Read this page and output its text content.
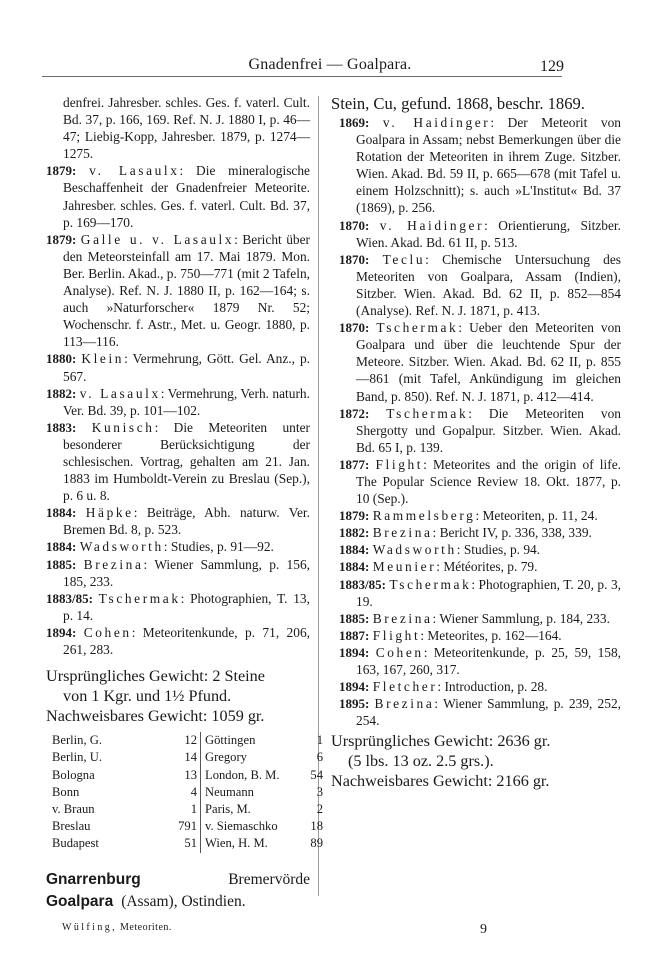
Gnadenfrei — Goalpara.	129

denfrei. Jahresber. schles. Ges. f. vaterl. Cult. Bd. 37, p. 166, 169. Ref. N. J. 1880 I, p. 46—47; Liebig-Kopp, Jahresber. 1879, p. 1274—1275.

1879: v. Lasaulx: Die mineralogische Beschaffenheit der Gnadenfreier Meteorite. Jahresber. schles. Ges. f. vaterl. Cult. Bd. 37, p. 169—170.

1879: Galle u. v. Lasaulx: Bericht über den Meteorsteinfall am 17. Mai 1879. Mon. Ber. Berlin. Akad., p. 750—771 (mit 2 Tafeln, Analyse). Ref. N. J. 1880 II, p. 162—164; s. auch »Naturforscher« 1879 Nr. 52; Wochenschr. f. Astr., Met. u. Geogr. 1880, p. 113—116.

1880: Klein: Vermehrung, Gött. Gel. Anz., p. 567.

1882: v. Lasaulx: Vermehrung, Verh. naturh. Ver. Bd. 39, p. 101—102.

1883: Kunisch: Die Meteoriten unter besonderer Berücksichtigung der schlesischen. Vortrag, gehalten am 21. Jan. 1883 im Humboldt-Verein zu Breslau (Sep.), p. 6 u. 8.

1884: Häpke: Beiträge, Abh. naturw. Ver. Bremen Bd. 8, p. 523.

1884: Wadsworth: Studies, p. 91—92.

1885: Brezina: Wiener Sammlung, p. 156, 185, 233.

1883/85: Tschermak: Photographien, T. 13, p. 14.

1894: Cohen: Meteoritenkunde, p. 71, 206, 261, 283.

Ursprüngliches Gewicht: 2 Steine

von 1 Kgr. und 1½ Pfund.

Nachweisbares Gewicht: 1059 gr.

Berlin, G.	12 Göttingen	1
Berlin, U.	14 Gregory	6
Bologna	13 London, B. M.	54
Bonn	4 Neumann	3
v. Braun	1 Paris, M.	2
Breslau	791 v. Siemaschko	18
Budapest	51 Wien, H. M.	89
Gnarrenburg	Bremervörde
Goalpara (Assam), Ostindien.

Stein, Cu, gefund. 1868, beschr. 1869.

1869: v. Haidinger: Der Meteorit von Goalpara in Assam; nebst Bemerkungen über die Rotation der Meteoriten in ihrem Zuge. Sitzber. Wien. Akad. Bd. 59 II, p. 665—678 (mit Tafel u. einem Holzschnitt); s. auch »L'Institut« Bd. 37 (1869), p. 256.

1870: v. Haidinger: Orientierung, Sitzber. Wien. Akad. Bd. 61 II, p. 513.

1870: Teclu: Chemische Untersuchung des Meteoriten von Goalpara, Assam (Indien), Sitzber. Wien. Akad. Bd. 62 II, p. 852—854 (Analyse). Ref. N. J. 1871, p. 413.

1870: Tschermak: Ueber den Meteoriten von Goalpara und über die leuchtende Spur der Meteore. Sitzber. Wien. Akad. Bd. 62 II, p. 855—861 (mit Tafel, Ankündigung im gleichen Band, p. 850). Ref. N. J. 1871, p. 412—414.

1872: Tschermak: Die Meteoriten von Shergotty und Gopalpur. Sitzber. Wien. Akad. Bd. 65 I, p. 139.

1877: Flight: Meteorites and the origin of life. The Popular Science Review 18. Okt. 1877, p. 10 (Sep.).

1879: Rammelsberg: Meteoriten, p. 11, 24.

1882: Brezina: Bericht IV, p. 336, 338, 339.

1884: Wadsworth: Studies, p. 94.

1884: Meunier: Météorites, p. 79.

1883/85: Tschermak: Photographien, T. 20, p. 3, 19.

1885: Brezina: Wiener Sammlung, p. 184, 233.

1887: Flight: Meteorites, p. 162—164.

1894: Cohen: Meteoritenkunde, p. 25, 59, 158, 163, 167, 260, 317.

1894: Fletcher: Introduction, p. 28.

1895: Brezina: Wiener Sammlung, p. 239, 252, 254.

Ursprüngliches Gewicht: 2636 gr.

(5 lbs. 13 oz. 2.5 grs.).

Nachweisbares Gewicht: 2166 gr.

Wülfing, Meteoriten.	9
